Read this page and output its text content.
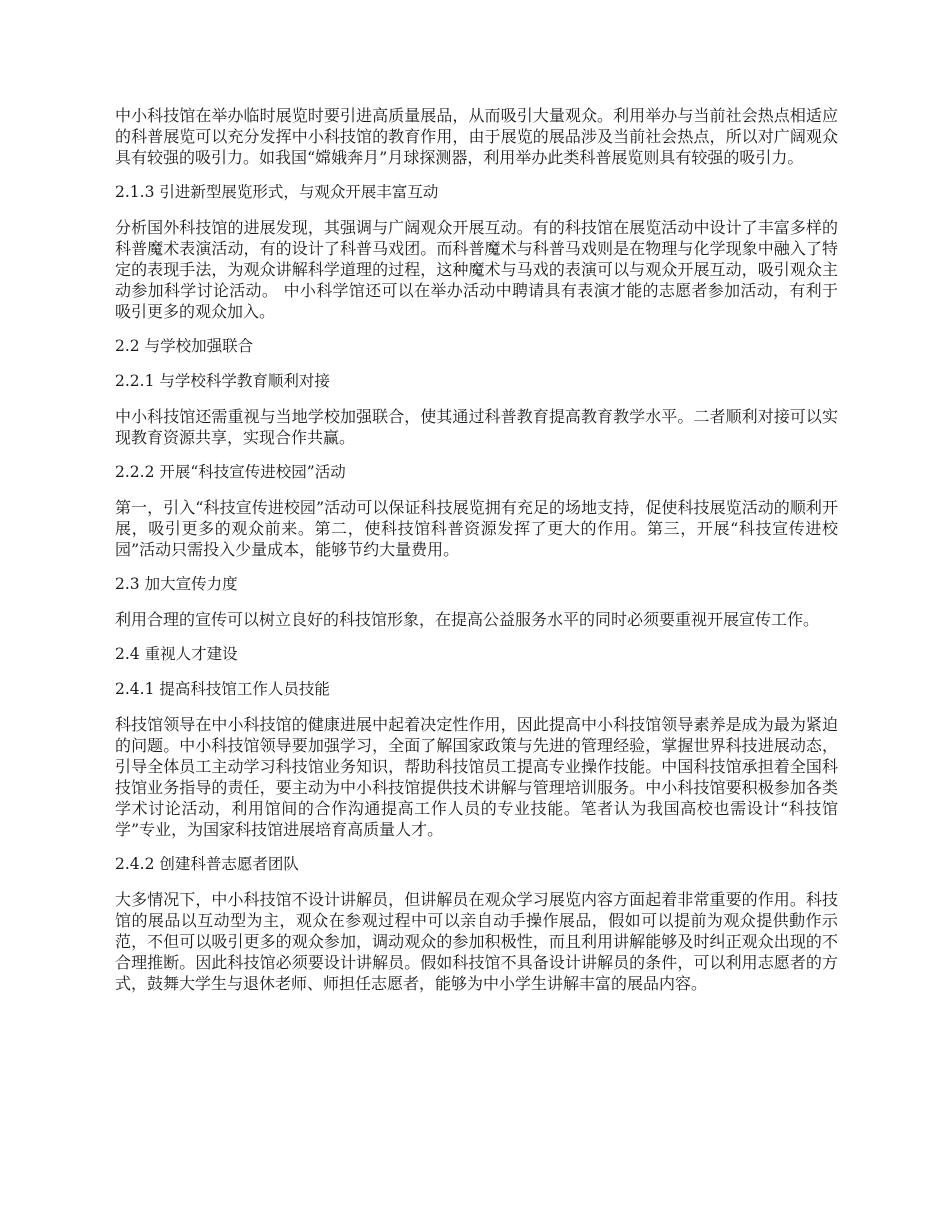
中小科技馆在举办临时展览时要引进高质量展品，从而吸引大量观众。利用举办与当前社会热点相适应的科普展览可以充分发挥中小科技馆的教育作用，由于展览的展品涉及当前社会热点，所以对广阔观众具有较强的吸引力。如我国“嫦娥奔月”月球探测器，利用举办此类科普展览则具有较强的吸引力。

2.1.3 引进新型展览形式，与观众开展丰富互动

分析国外科技馆的进展发现，其强调与广阔观众开展互动。有的科技馆在展览活动中设计了丰富多样的科普魔术表演活动，有的设计了科普马戏团。而科普魔术与科普马戏则是在物理与化学现象中融入了特定的表现手法，为观众讲解科学道理的过程，这种魔术与马戏的表演可以与观众开展互动，吸引观众主动参加科学讨论活动。 中小科学馆还可以在举办活动中聘请具有表演才能的志愿者参加活动，有利于吸引更多的观众加入。

2.2 与学校加强联合
2.2.1 与学校科学教育顺利对接

中小科技馆还需重视与当地学校加强联合，使其通过科普教育提高教育教学水平。二者顺利对接可以实现教育资源共享，实现合作共赢。

2.2.2 开展“科技宣传进校园”活动

第一，引入“科技宣传进校园”活动可以保证科技展览拥有充足的场地支持，促使科技展览活动的顺利开展，吸引更多的观众前来。第二，使科技馆科普资源发挥了更大的作用。第三，开展“科技宣传进校园”活动只需投入少量成本，能够节约大量费用。

2.3 加大宣传力度

利用合理的宣传可以树立良好的科技馆形象，在提高公益服务水平的同时必须要重视开展宣传工作。

2.4 重视人才建设
2.4.1 提高科技馆工作人员技能

科技馆领导在中小科技馆的健康进展中起着决定性作用，因此提高中小科技馆领导素养是成为最为紧迫的问题。中小科技馆领导要加强学习，全面了解国家政策与先进的管理经验，掌握世界科技进展动态，引导全体员工主动学习科技馆业务知识，帮助科技馆员工提高专业操作技能。中国科技馆承担着全国科技馆业务指导的责任，要主动为中小科技馆提供技术讲解与管理培训服务。中小科技馆要积极参加各类学术讨论活动，利用馆间的合作沟通提高工作人员的专业技能。笔者认为我国高校也需设计“科技馆学”专业，为国家科技馆进展培育高质量人才。

2.4.2 创建科普志愿者团队

大多情况下，中小科技馆不设计讲解员，但讲解员在观众学习展览内容方面起着非常重要的作用。科技馆的展品以互动型为主，观众在参观过程中可以亲自动手操作展品，假如可以提前为观众提供動作示范，不但可以吸引更多的观众参加，调动观众的参加积极性，而且利用讲解能够及时纠正观众出现的不合理推断。因此科技馆必须要设计讲解员。假如科技馆不具备设计讲解员的条件，可以利用志愿者的方式，鼓舞大学生与退休老师、师担任志愿者，能够为中小学生讲解丰富的展品内容。
